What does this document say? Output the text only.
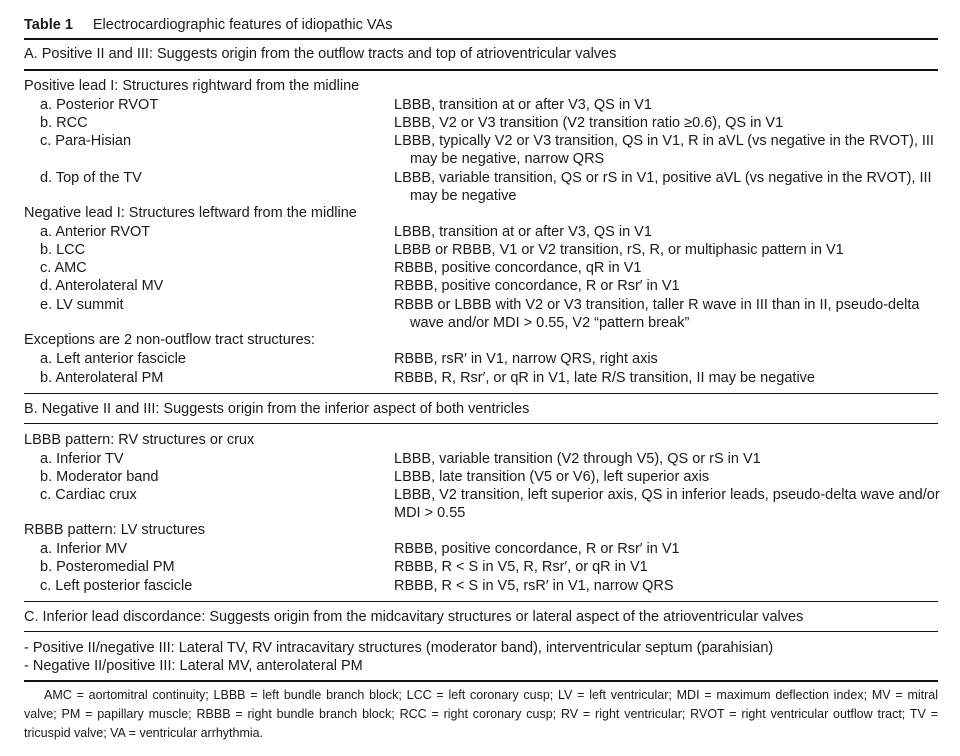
Table 1 Electrocardiographic features of idiopathic VAs
A. Positive II and III: Suggests origin from the outflow tracts and top of atrioventricular valves
Positive lead I: Structures rightward from the midline
a. Posterior RVOT	LBBB, transition at or after V3, QS in V1
b. RCC	LBBB, V2 or V3 transition (V2 transition ratio ≥0.6), QS in V1
c. Para-Hisian	LBBB, typically V2 or V3 transition, QS in V1, R in aVL (vs negative in the RVOT), III
may be negative, narrow QRS
d. Top of the TV	LBBB, variable transition, QS or rS in V1, positive aVL (vs negative in the RVOT), III
may be negative
Negative lead I: Structures leftward from the midline
a. Anterior RVOT	LBBB, transition at or after V3, QS in V1
b. LCC	LBBB or RBBB, V1 or V2 transition, rS, R, or multiphasic pattern in V1
c. AMC	RBBB, positive concordance, qR in V1
d. Anterolateral MV	RBBB, positive concordance, R or Rsr′ in V1
e. LV summit	RBBB or LBBB with V2 or V3 transition, taller R wave in III than in II, pseudo-delta
wave and/or MDI > 0.55, V2 “pattern break”
Exceptions are 2 non-outflow tract structures:
a. Left anterior fascicle	RBBB, rsR′ in V1, narrow QRS, right axis
b. Anterolateral PM	RBBB, R, Rsr′, or qR in V1, late R/S transition, II may be negative
B. Negative II and III: Suggests origin from the inferior aspect of both ventricles
LBBB pattern: RV structures or crux
a. Inferior TV	LBBB, variable transition (V2 through V5), QS or rS in V1
b. Moderator band	LBBB, late transition (V5 or V6), left superior axis
c. Cardiac crux	LBBB, V2 transition, left superior axis, QS in inferior leads, pseudo-delta wave and/or
MDI > 0.55
RBBB pattern: LV structures
a. Inferior MV	RBBB, positive concordance, R or Rsr′ in V1
b. Posteromedial PM	RBBB, R < S in V5, R, Rsr′, or qR in V1
c. Left posterior fascicle	RBBB, R < S in V5, rsR′ in V1, narrow QRS
C. Inferior lead discordance: Suggests origin from the midcavitary structures or lateral aspect of the atrioventricular valves
- Positive II/negative III: Lateral TV, RV intracavitary structures (moderator band), interventricular septum (parahisian)
- Negative II/positive III: Lateral MV, anterolateral PM
AMC = aortomitral continuity; LBBB = left bundle branch block; LCC = left coronary cusp; LV = left ventricular; MDI = maximum deflection index; MV = mitral valve; PM = papillary muscle; RBBB = right bundle branch block; RCC = right coronary cusp; RV = right ventricular; RVOT = right ventricular outflow tract; TV = tricuspid valve; VA = ventricular arrhythmia.
